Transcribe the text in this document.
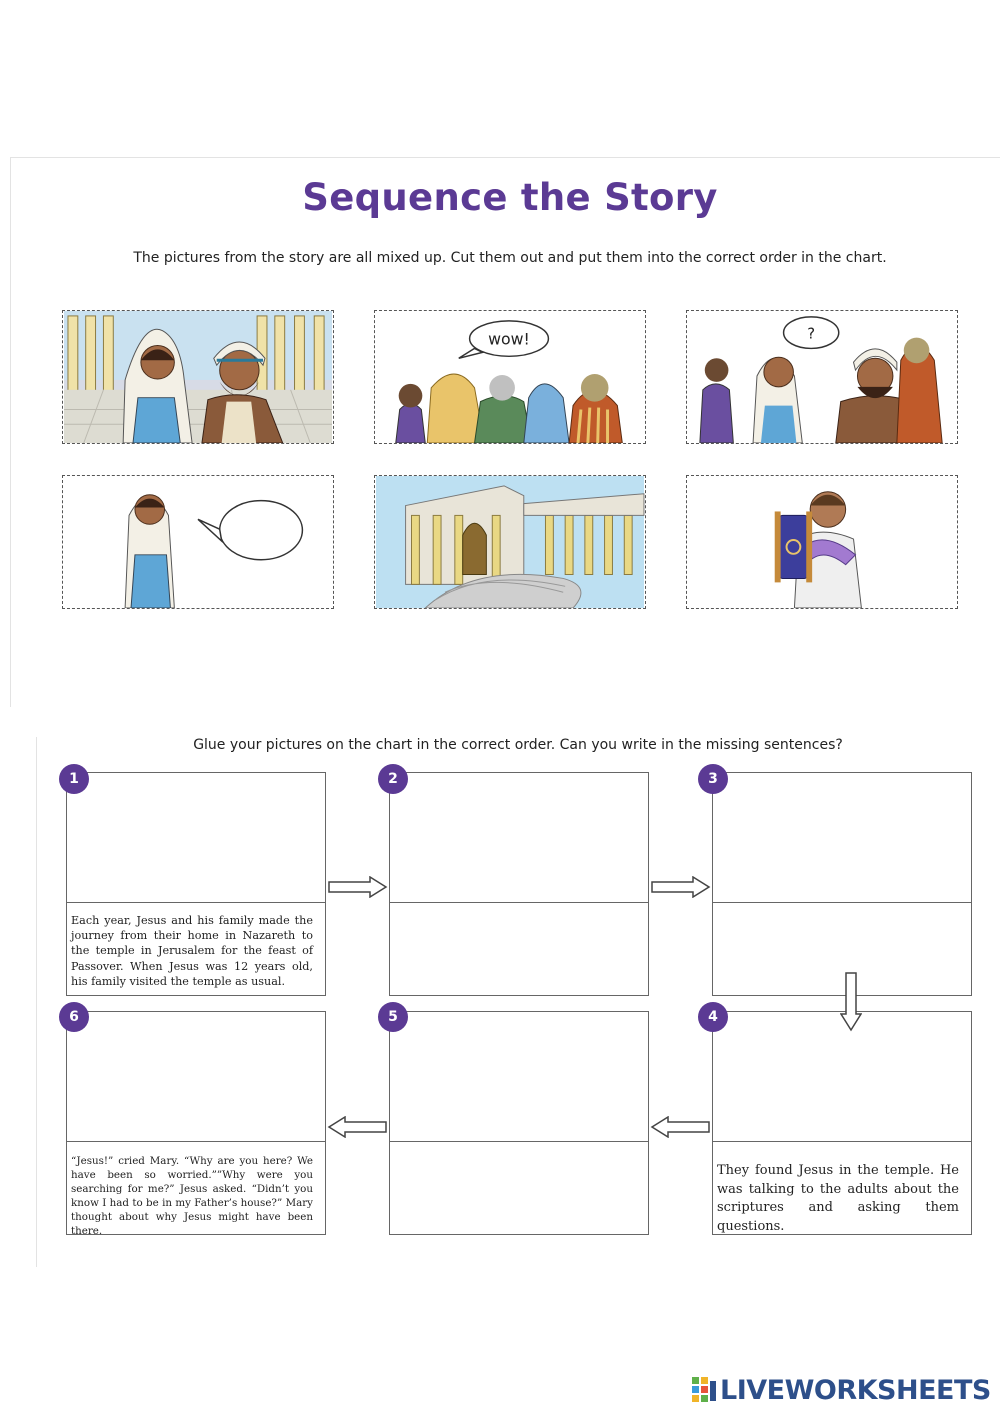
Sequence the Story
The pictures from the story are all mixed up. Cut them out and put them into the correct order in the chart.
wow!	?
Glue your pictures on the chart in the correct order. Can you write in the missing sentences?
Each year, Jesus and his family made the journey from their home in Nazareth to the temple in Jerusalem for the feast of Passover. When Jesus was 12 years old, his family visited the temple as usual.
“Jesus!” cried Mary. “Why are you here? We have been so worried.””Why were you searching for me?” Jesus asked. “Didn’t you know I had to be in my Father’s house?” Mary thought about why Jesus might have been there.
They found Jesus in the temple. He was talking to the adults about the scriptures and asking them questions.
1	2	3
6	5	4
LIVEWORKSHEETS
